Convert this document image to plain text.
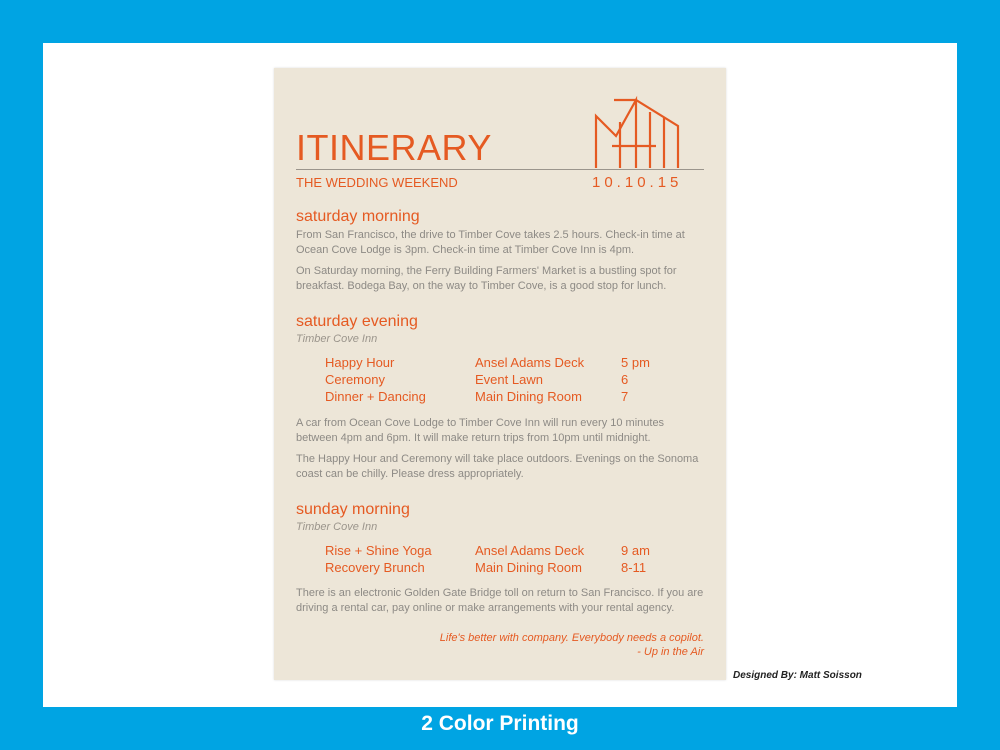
ITINERARY
THE WEDDING WEEKEND	10.10.15
saturday morning
From San Francisco, the drive to Timber Cove takes 2.5 hours. Check-in time at Ocean Cove Lodge is 3pm. Check-in time at Timber Cove Inn is 4pm.
On Saturday morning, the Ferry Building Farmers' Market is a bustling spot for breakfast. Bodega Bay, on the way to Timber Cove, is a good stop for lunch.
saturday evening
Timber Cove Inn
Happy Hour	Ansel Adams Deck	5 pm
Ceremony	Event Lawn	6
Dinner + Dancing	Main Dining Room	7
A car from Ocean Cove Lodge to Timber Cove Inn will run every 10 minutes between 4pm and 6pm. It will make return trips from 10pm until midnight.
The Happy Hour and Ceremony will take place outdoors. Evenings on the Sonoma coast can be chilly. Please dress appropriately.
sunday morning
Timber Cove Inn
Rise + Shine Yoga	Ansel Adams Deck	9 am
Recovery Brunch	Main Dining Room	8-11
There is an electronic Golden Gate Bridge toll on return to San Francisco. If you are driving a rental car, pay online or make arrangements with your rental agency.
Life's better with company. Everybody needs a copilot.
- Up in the Air
Designed By: Matt Soisson
2 Color Printing
